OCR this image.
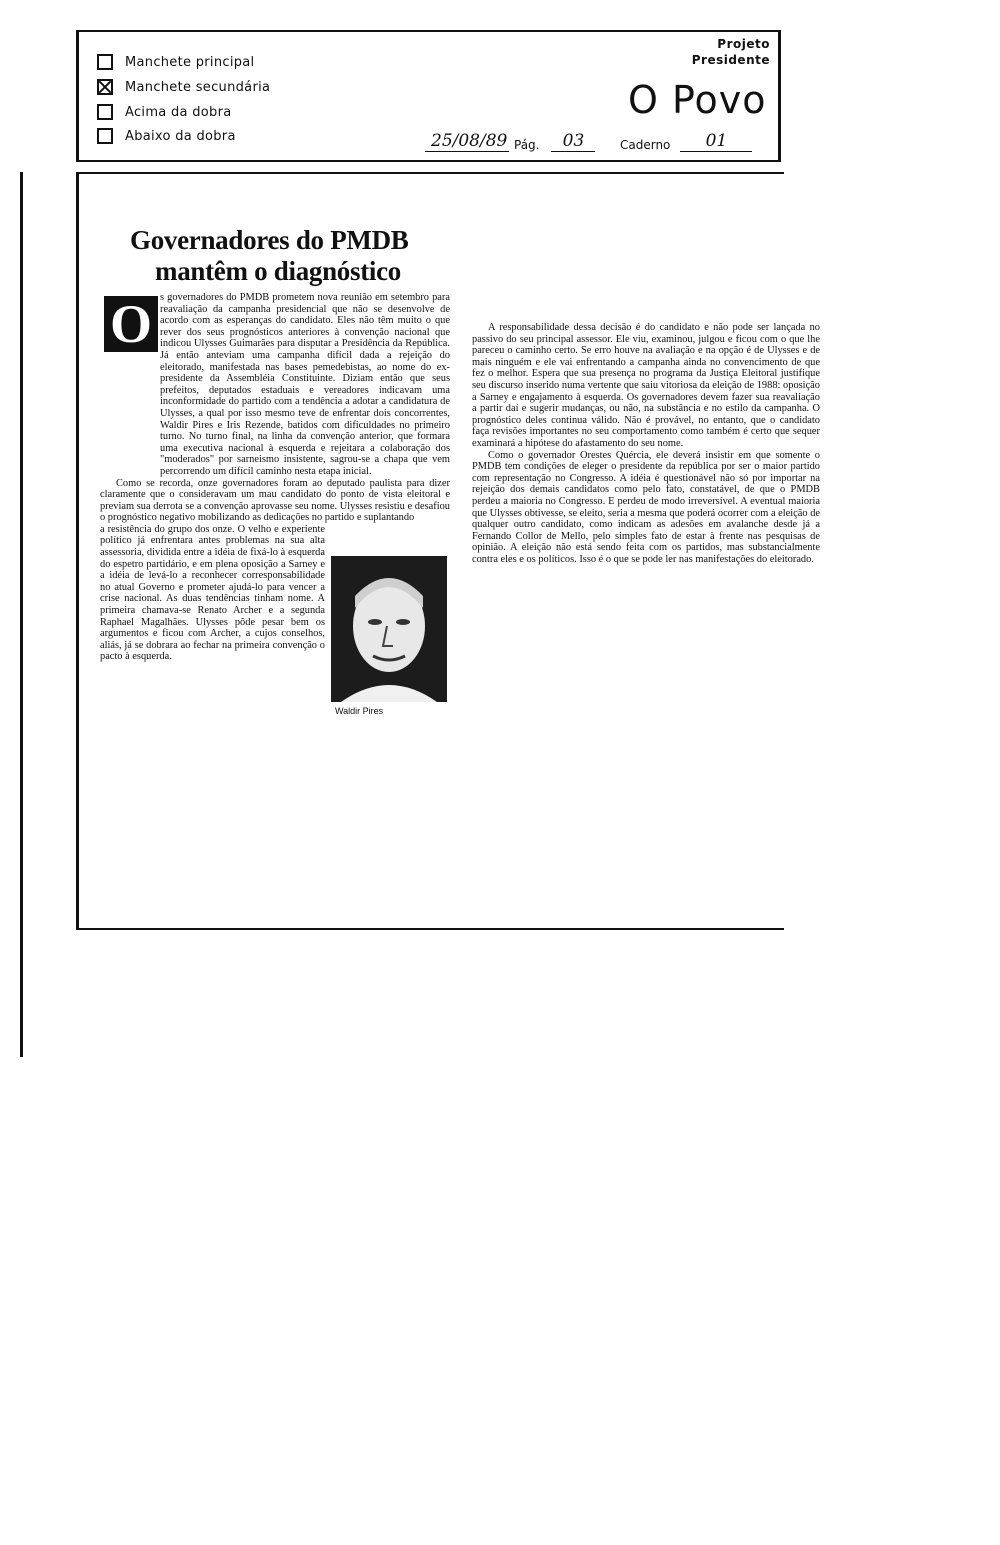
Manchete principal
Manchete secundária
Acima da dobra
Abaixo da dobra
Projeto
Presidente
O Povo
25/08/89 Pág.	03	Caderno	01
Governadores do PMDB
mantêm o diagnóstico
O s governadores do PMDB prometem nova reunião em setembro para reavaliação da campanha presidencial que não se desenvolve de acordo com as esperanças do candidato. Eles não têm muito o que rever dos seus prognósticos anteriores à convenção nacional que indicou Ulysses Guimarães para disputar a Presidência da República. Já então anteviam uma campanha difícil dada a rejeição do eleitorado, manifestada nas bases pemedebistas, ao nome do ex-presidente da Assembléia Constituinte. Diziam então que seus prefeitos, deputados estaduais e vereadores indicavam uma inconformidade do partido com a tendência a adotar a candidatura de Ulysses, a qual por isso mesmo teve de enfrentar dois concorrentes, Waldir Pires e Iris Rezende, batidos com dificuldades no primeiro turno. No turno final, na linha da convenção anterior, que formara uma executiva nacional à esquerda e rejeitara a colaboração dos "moderados" por sarneismo insistente, sagrou-se a chapa que vem percorrendo um difícil caminho nesta etapa inicial.

Como se recorda, onze governadores foram ao deputado paulista para dizer claramente que o consideravam um mau candidato do ponto de vista eleitoral e previam sua derrota se a convenção aprovasse seu nome. Ulysses resistiu e desafiou o prognóstico negativo mobilizando as dedicações no partido e suplantando

a resistência do grupo dos onze. O velho e experiente político já enfrentara antes problemas na sua alta assessoria, dividida entre a idéia de fixá-lo à esquerda do espetro partidário, e em plena oposição a Sarney e a idéia de levá-lo a reconhecer corresponsabilidade no atual Governo e prometer ajudá-lo para vencer a crise nacional. As duas tendências tinham nome. A primeira chamava-se Renato Archer e a segunda Raphael Magalhães. Ulysses pôde pesar bem os argumentos e ficou com Archer, a cujos conselhos, aliás, já se dobrara ao fechar na primeira convenção o pacto à esquerda.

Waldir Pires

A responsabilidade dessa decisão é do candidato e não pode ser lançada no passivo do seu principal assessor. Ele viu, examinou, julgou e ficou com o que lhe pareceu o caminho certo. Se erro houve na avaliação e na opção é de Ulysses e de mais ninguém e ele vai enfrentando a campanha ainda no convencimento de que fez o melhor. Espera que sua presença no programa da Justiça Eleitoral justifique seu discurso inserido numa vertente que saiu vitoriosa da eleição de 1988: oposição a Sarney e engajamento à esquerda. Os governadores devem fazer sua reavaliação a partir daí e sugerir mudanças, ou não, na substância e no estilo da campanha. O prognóstico deles continua válido. Não é provável, no entanto, que o candidato faça revisões importantes no seu comportamento como também é certo que sequer examinará a hipótese do afastamento do seu nome.

Como o governador Orestes Quércia, ele deverá insistir em que somente o PMDB tem condições de eleger o presidente da república por ser o maior partido com representação no Congresso. A idéia é questionável não só por importar na rejeição dos demais candidatos como pelo fato, constatável, de que o PMDB perdeu a maioria no Congresso. E perdeu de modo irreversível. A eventual maioria que Ulysses obtivesse, se eleito, seria a mesma que poderá ocorrer com a eleição de qualquer outro candidato, como indicam as adesões em avalanche desde já a Fernando Collor de Mello, pelo simples fato de estar à frente nas pesquisas de opinião. A eleição não está sendo feita com os partidos, mas substancialmente contra eles e os políticos. Isso é o que se pode ler nas manifestações do eleitorado.
